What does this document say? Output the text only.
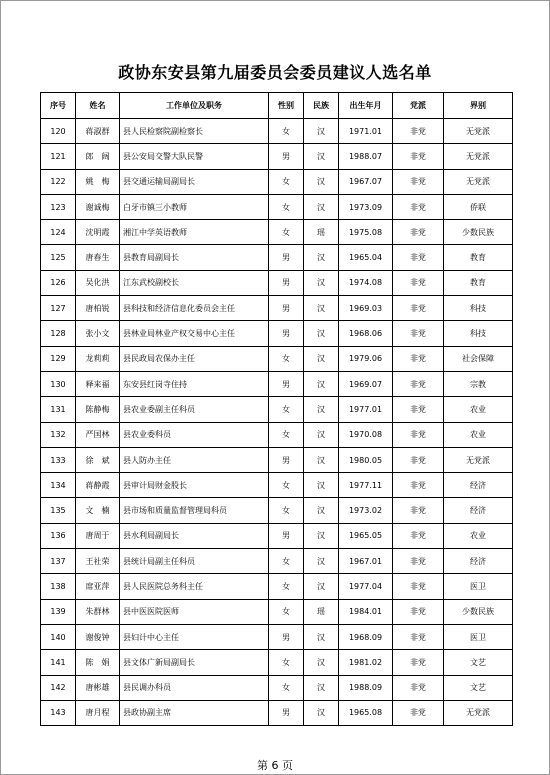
政协东安县第九届委员会委员建议人选名单
序号	姓名	工作单位及职务	性别	民族	出生年月	党派	界别
120	蒋淑群	县人民检察院副检察长	女	汉	1971.01	非党	无党派
121	郎　阔	县公安局交警大队民警	男	汉	1988.07	非党	无党派
122	姚　梅	县交通运输局副局长	女	汉	1967.07	非党	无党派
123	谢诚梅	白牙市镇三小教师	女	汉	1973.09	非党	侨联
124	沈明霞	湘江中学英语教师	女	瑶	1975.08	非党	少数民族
125	唐春生	县教育局副局长	男	汉	1965.04	非党	教育
126	吴化洪	江东武校副校长	男	汉	1974.08	非党	教育
127	唐柏锐	县科技和经济信息化委员会主任	男	汉	1969.03	非党	科技
128	张小文	县林业局林业产权交易中心主任	男	汉	1968.06	非党	科技
129	龙莉莉	县民政局农保办主任	女	汉	1979.06	非党	社会保障
130	释来福	东安县红岗寺住持	男	汉	1969.07	非党	宗教
131	陈静梅	县农业委副主任科员	女	汉	1977.01	非党	农业
132	严国林	县农业委科员	女	汉	1970.08	非党	农业
133	徐　斌	县人防办主任	男	汉	1980.05	非党	无党派
134	蒋静霞	县审计局财金股长	女	汉	1977.11	非党	经济
135	文　楠	县市场和质量监督管理局科员	女	汉	1973.02	非党	经济
136	唐周于	县水利局副局长	男	汉	1965.05	非党	农业
137	王社荣	县统计局副主任科员	女	汉	1967.01	非党	经济
138	席亚萍	县人民医院总务科主任	女	汉	1977.04	非党	医卫
139	朱群林	县中医医院医师	女	瑶	1984.01	非党	少数民族
140	谢俊钟	县妇计中心主任	男	汉	1968.09	非党	医卫
141	陈　娟	县文体广新局副局长	女	汉	1981.02	非党	文艺
142	唐彬雄	县民调办科员	女	汉	1988.09	非党	文艺
143	唐月程	县政协副主席	男	汉	1965.08	非党	无党派
第 6 页
